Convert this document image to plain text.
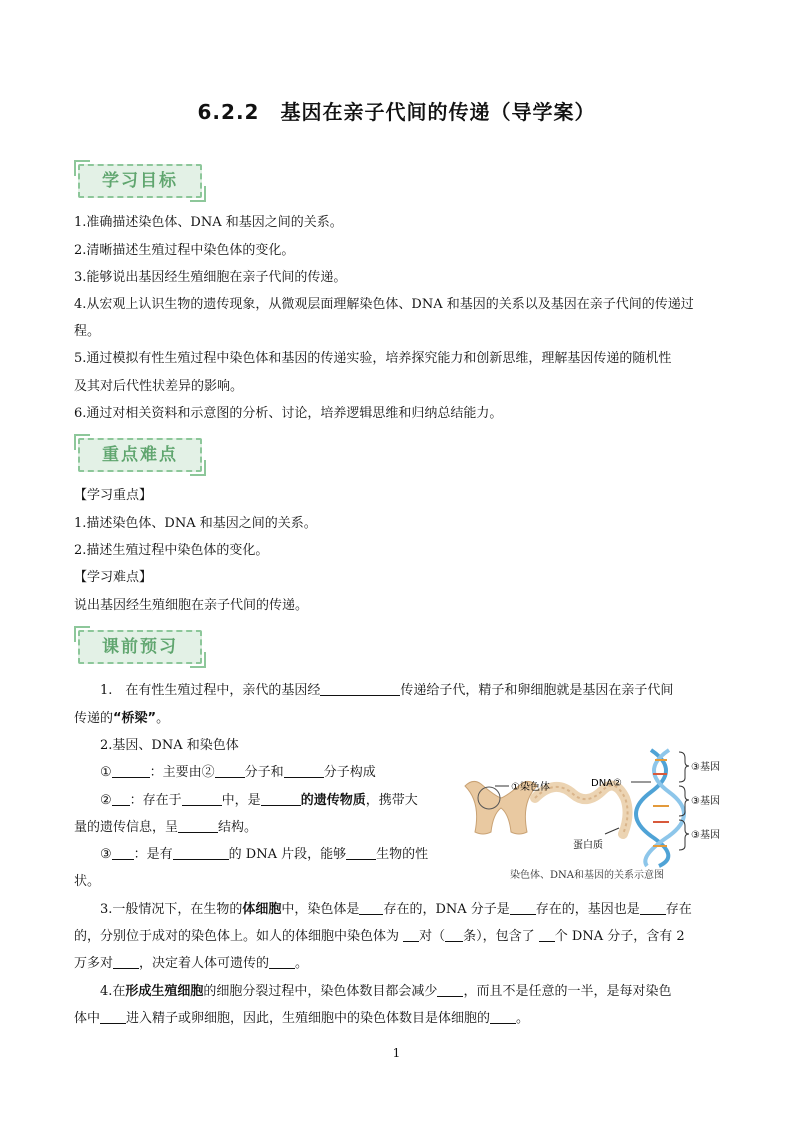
6.2.2　基因在亲子代间的传递（导学案）
学习目标
1.准确描述染色体、DNA 和基因之间的关系。
2.清晰描述生殖过程中染色体的变化。
3.能够说出基因经生殖细胞在亲子代间的传递。
4.从宏观上认识生物的遗传现象，从微观层面理解染色体、DNA 和基因的关系以及基因在亲子代间的传递过
程。
5.通过模拟有性生殖过程中染色体和基因的传递实验，培养探究能力和创新思维，理解基因传递的随机性
及其对后代性状差异的影响。
6.通过对相关资料和示意图的分析、讨论，培养逻辑思维和归纳总结能力。
重点难点
【学习重点】
1.描述染色体、DNA 和基因之间的关系。
2.描述生殖过程中染色体的变化。
【学习难点】
说出基因经生殖细胞在亲子代间的传递。
课前预习
1.　在有性生殖过程中，亲代的基因经	传递给子代，精子和卵细胞就是基因在亲子代间
传递的“桥梁”。
2.基因、DNA 和染色体
①	：主要由② 分子和	分子构成
② ：存在于	中，是	的遗传物质，携带大
量的遗传信息，呈	结构。
③ ：是有	的 DNA 片段，能够 生物的性
状。
①染色体	DNA②
蛋白质
③基因
③基因
③基因
染色体、DNA和基因的关系示意图
3.一般情况下，在生物的体细胞中，染色体是 存在的，DNA 分子是 存在的，基因也是 存在
的，分别位于成对的染色体上。如人的体细胞中染色体为 对（ 条），包含了 个 DNA 分子，含有 2
万多对 ，决定着人体可遗传的 。
4.在形成生殖细胞的细胞分裂过程中，染色体数目都会减少 ，而且不是任意的一半，是每对染色
体中 进入精子或卵细胞，因此，生殖细胞中的染色体数目是体细胞的 。
1
